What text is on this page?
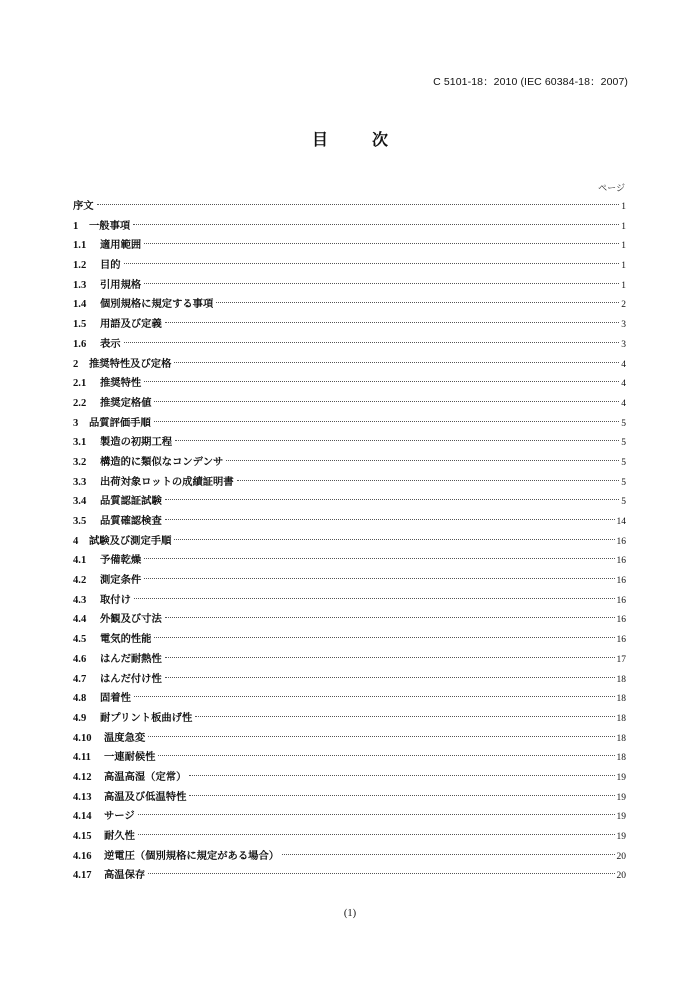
C 5101-18：2010 (IEC 60384-18：2007)
目　次
ページ
序文	1
1	一般事項	1
1.1	適用範囲	1
1.2	目的	1
1.3	引用規格	1
1.4	個別規格に規定する事項	2
1.5	用語及び定義	3
1.6	表示	3
2	推奨特性及び定格	4
2.1	推奨特性	4
2.2	推奨定格値	4
3	品質評価手順	5
3.1	製造の初期工程	5
3.2	構造的に類似なコンデンサ	5
3.3	出荷対象ロットの成績証明書	5
3.4	品質認証試験	5
3.5	品質確認検査	14
4	試験及び測定手順	16
4.1	予備乾燥	16
4.2	測定条件	16
4.3	取付け	16
4.4	外観及び寸法	16
4.5	電気的性能	16
4.6	はんだ耐熱性	17
4.7	はんだ付け性	18
4.8	固着性	18
4.9	耐プリント板曲げ性	18
4.10	温度急変	18
4.11	一連耐候性	18
4.12	高温高湿（定常）	19
4.13	高温及び低温特性	19
4.14	サージ	19
4.15	耐久性	19
4.16	逆電圧（個別規格に規定がある場合）	20
4.17	高温保存	20
(1)
